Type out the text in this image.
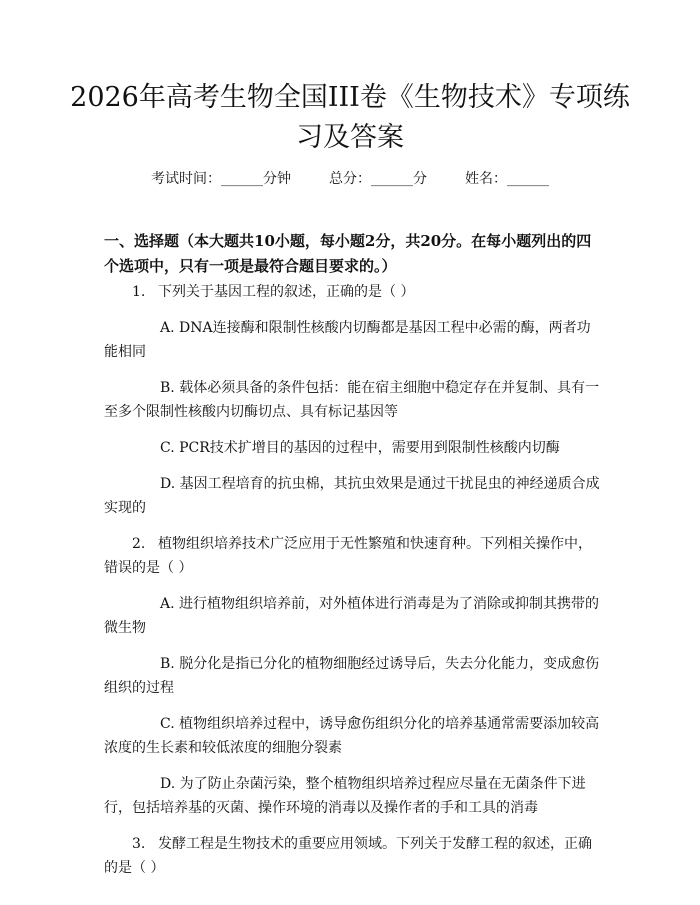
2026年高考生物全国III卷《生物技术》专项练习及答案
考试时间：______分钟	总分：______分	姓名：______

一、选择题（本大题共10小题，每小题2分，共20分。在每小题列出的四个选项中，只有一项是最符合题目要求的。）

1. 下列关于基因工程的叙述，正确的是（ ）

A. DNA连接酶和限制性核酸内切酶都是基因工程中必需的酶，两者功能相同

B. 载体必须具备的条件包括：能在宿主细胞中稳定存在并复制、具有一至多个限制性核酸内切酶切点、具有标记基因等

C. PCR技术扩增目的基因的过程中，需要用到限制性核酸内切酶

D. 基因工程培育的抗虫棉，其抗虫效果是通过干扰昆虫的神经递质合成实现的

2. 植物组织培养技术广泛应用于无性繁殖和快速育种。下列相关操作中，错误的是（ ）

A. 进行植物组织培养前，对外植体进行消毒是为了消除或抑制其携带的微生物

B. 脱分化是指已分化的植物细胞经过诱导后，失去分化能力，变成愈伤组织的过程

C. 植物组织培养过程中，诱导愈伤组织分化的培养基通常需要添加较高浓度的生长素和较低浓度的细胞分裂素

D. 为了防止杂菌污染，整个植物组织培养过程应尽量在无菌条件下进行，包括培养基的灭菌、操作环境的消毒以及操作者的手和工具的消毒

3. 发酵工程是生物技术的重要应用领域。下列关于发酵工程的叙述，正确的是（ ）
